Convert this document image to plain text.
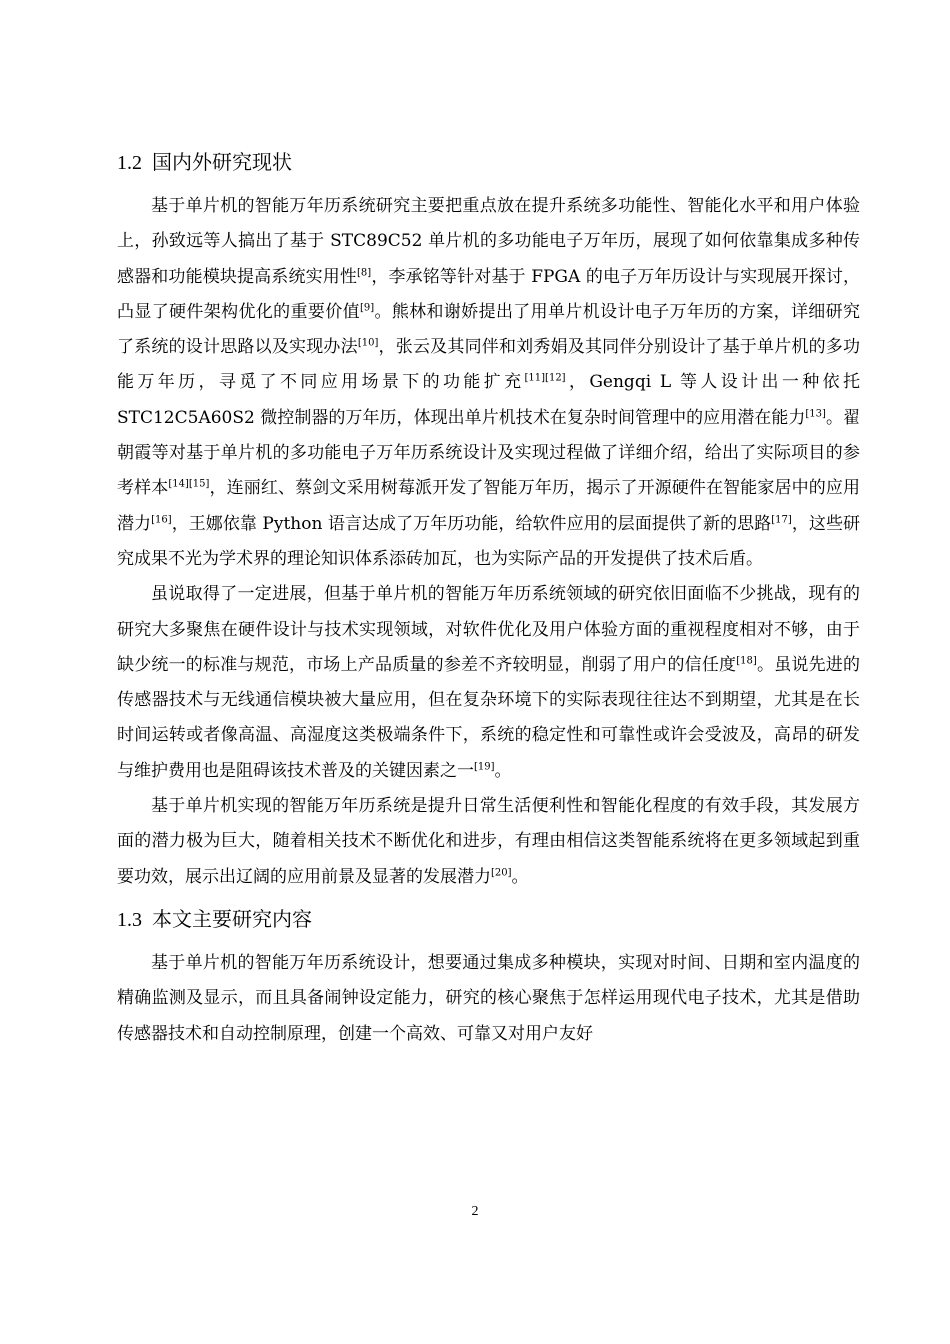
1.2 国内外研究现状

基于单片机的智能万年历系统研究主要把重点放在提升系统多功能性、智能化水平和用户体验上，孙致远等人搞出了基于 STC89C52 单片机的多功能电子万年历，展现了如何依靠集成多种传感器和功能模块提高系统实用性[8]，李承铭等针对基于 FPGA 的电子万年历设计与实现展开探讨，凸显了硬件架构优化的重要价值[9]。熊林和谢娇提出了用单片机设计电子万年历的方案，详细研究了系统的设计思路以及实现办法[10]，张云及其同伴和刘秀娟及其同伴分别设计了基于单片机的多功能万年历，寻觅了不同应用场景下的功能扩充[11][12]，Gengqi L 等人设计出一种依托 STC12C5A60S2 微控制器的万年历，体现出单片机技术在复杂时间管理中的应用潜在能力[13]。翟朝霞等对基于单片机的多功能电子万年历系统设计及实现过程做了详细介绍，给出了实际项目的参考样本[14][15]，连丽红、蔡剑文采用树莓派开发了智能万年历，揭示了开源硬件在智能家居中的应用潜力[16]，王娜依靠 Python 语言达成了万年历功能，给软件应用的层面提供了新的思路[17]，这些研究成果不光为学术界的理论知识体系添砖加瓦，也为实际产品的开发提供了技术后盾。

虽说取得了一定进展，但基于单片机的智能万年历系统领域的研究依旧面临不少挑战，现有的研究大多聚焦在硬件设计与技术实现领域，对软件优化及用户体验方面的重视程度相对不够，由于缺少统一的标准与规范，市场上产品质量的参差不齐较明显，削弱了用户的信任度[18]。虽说先进的传感器技术与无线通信模块被大量应用，但在复杂环境下的实际表现往往达不到期望，尤其是在长时间运转或者像高温、高湿度这类极端条件下，系统的稳定性和可靠性或许会受波及，高昂的研发与维护费用也是阻碍该技术普及的关键因素之一[19]。

基于单片机实现的智能万年历系统是提升日常生活便利性和智能化程度的有效手段，其发展方面的潜力极为巨大，随着相关技术不断优化和进步，有理由相信这类智能系统将在更多领域起到重要功效，展示出辽阔的应用前景及显著的发展潜力[20]。

1.3 本文主要研究内容

基于单片机的智能万年历系统设计，想要通过集成多种模块，实现对时间、日期和室内温度的精确监测及显示，而且具备闹钟设定能力，研究的核心聚焦于怎样运用现代电子技术，尤其是借助传感器技术和自动控制原理，创建一个高效、可靠又对用户友好

2
